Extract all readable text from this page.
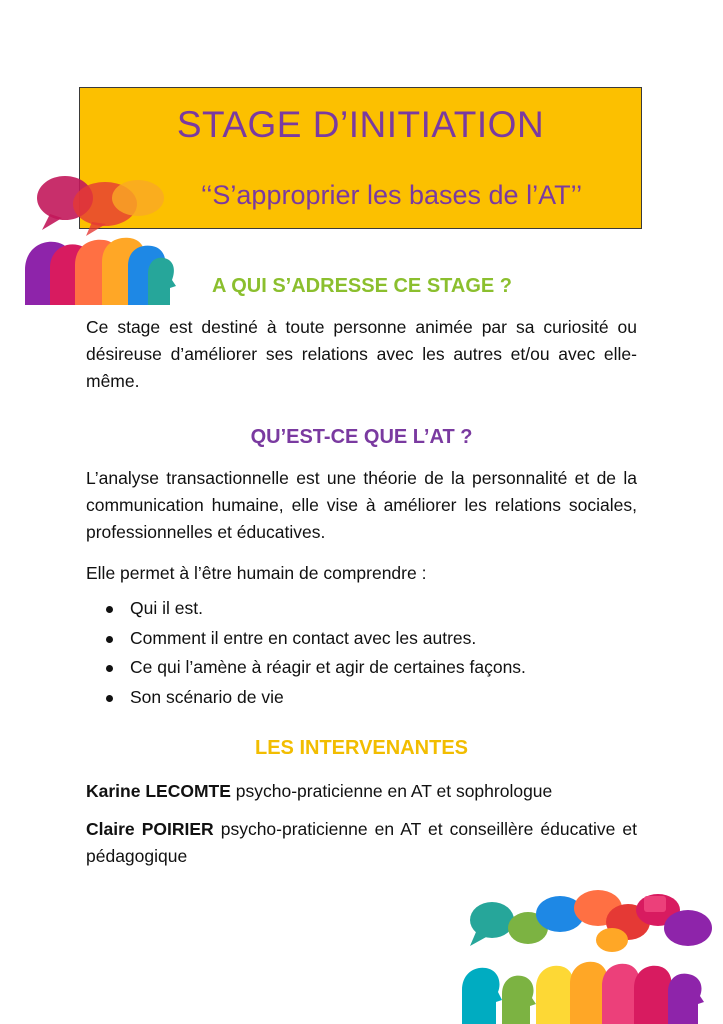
STAGE D’INITIATION
‘‘S’approprier les bases de l’AT’’
A QUI S’ADRESSE CE STAGE ?

Ce stage est destiné à toute personne animée par sa curiosité ou désireuse d’améliorer ses relations avec les autres et/ou avec elle-même.

QU’EST-CE QUE L’AT ?

L’analyse transactionnelle est une théorie de la personnalité et de la communication humaine, elle vise à améliorer les relations sociales, professionnelles et éducatives.

Elle permet à l’être humain de comprendre :

Qui il est.
Comment il entre en contact avec les autres.
Ce qui l’amène à réagir et agir de certaines façons.
Son scénario de vie
LES INTERVENANTES

Karine LECOMTE psycho-praticienne en AT et sophrologue

Claire POIRIER psycho-praticienne en AT et conseillère éducative et pédagogique
